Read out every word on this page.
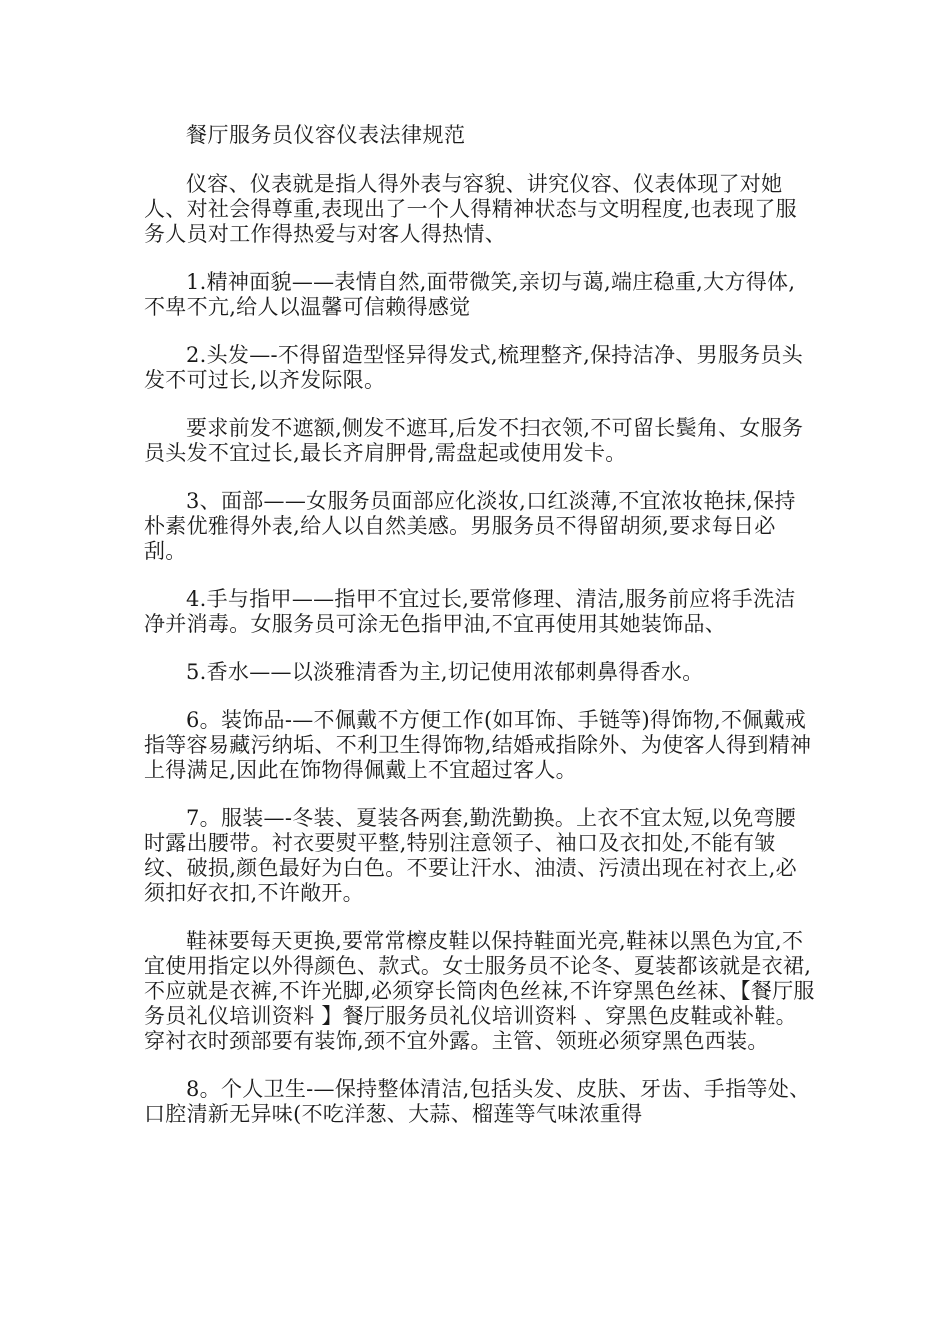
餐厅服务员仪容仪表法律规范

仪容、仪表就是指人得外表与容貌、讲究仪容、仪表体现了对她人、对社会得尊重,表现出了一个人得精神状态与文明程度,也表现了服务人员对工作得热爱与对客人得热情、

1.精神面貌——表情自然,面带微笑,亲切与蔼,端庄稳重,大方得体,不卑不亢,给人以温馨可信赖得感觉

2.头发—-不得留造型怪异得发式,梳理整齐,保持洁净、男服务员头发不可过长,以齐发际限。

要求前发不遮额,侧发不遮耳,后发不扫衣领,不可留长鬓角、女服务员头发不宜过长,最长齐肩胛骨,需盘起或使用发卡。

3、面部——女服务员面部应化淡妆,口红淡薄,不宜浓妆艳抹,保持朴素优雅得外表,给人以自然美感。男服务员不得留胡须,要求每日必刮。

4.手与指甲——指甲不宜过长,要常修理、清洁,服务前应将手洗洁净并消毒。女服务员可涂无色指甲油,不宜再使用其她装饰品、

5.香水——以淡雅清香为主,切记使用浓郁刺鼻得香水。

6。装饰品-—不佩戴不方便工作(如耳饰、手链等)得饰物,不佩戴戒指等容易藏污纳垢、不利卫生得饰物,结婚戒指除外、为使客人得到精神上得满足,因此在饰物得佩戴上不宜超过客人。

7。服装—-冬装、夏装各两套,勤洗勤换。上衣不宜太短,以免弯腰时露出腰带。衬衣要熨平整,特别注意领子、袖口及衣扣处,不能有皱纹、破损,颜色最好为白色。不要让汗水、油渍、污渍出现在衬衣上,必须扣好衣扣,不许敞开。

鞋袜要每天更换,要常常檫皮鞋以保持鞋面光亮,鞋袜以黑色为宜,不宜使用指定以外得颜色、款式。女士服务员不论冬、夏装都该就是衣裙,不应就是衣裤,不许光脚,必须穿长筒肉色丝袜,不许穿黑色丝袜、【餐厅服务员礼仪培训资料 】餐厅服务员礼仪培训资料 、穿黑色皮鞋或补鞋。穿衬衣时颈部要有装饰,颈不宜外露。主管、领班必须穿黑色西装。

8。个人卫生-—保持整体清洁,包括头发、皮肤、牙齿、手指等处、口腔清新无异味(不吃洋葱、大蒜、榴莲等气味浓重得
